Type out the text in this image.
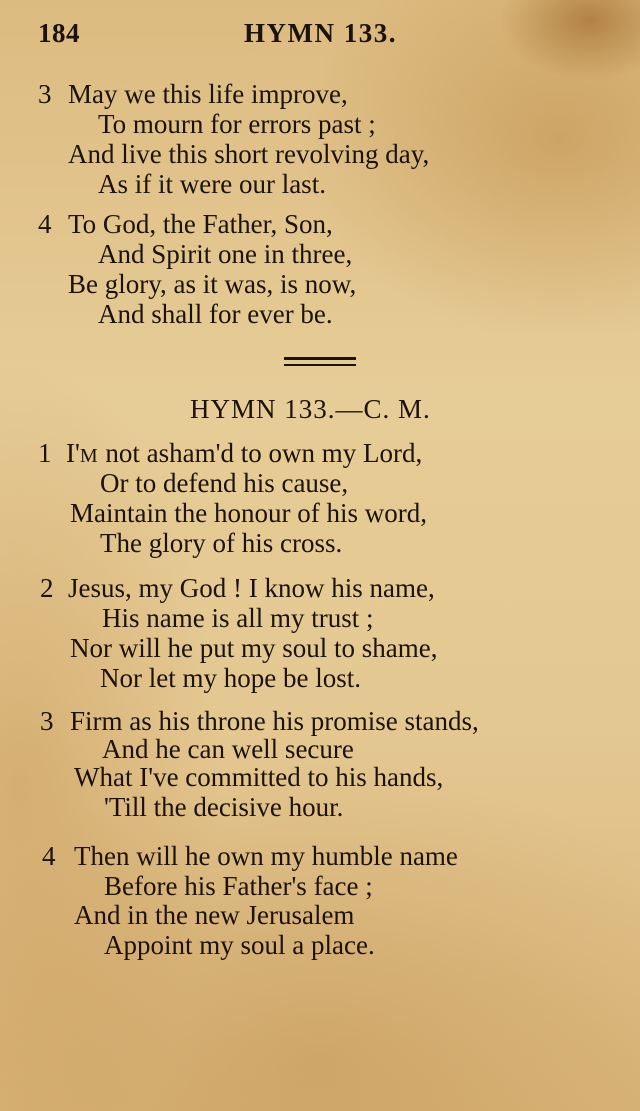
184	HYMN 133.
3 May we this life improve,
To mourn for errors past ;
And live this short revolving day,
As if it were our last.
4 To God, the Father, Son,
And Spirit one in three,
Be glory, as it was, is now,
And shall for ever be.
HYMN 133.—C. M.
1 I'M not asham'd to own my Lord,
Or to defend his cause,
Maintain the honour of his word,
The glory of his cross.
2 Jesus, my God ! I know his name,
His name is all my trust ;
Nor will he put my soul to shame,
Nor let my hope be lost.
3 Firm as his throne his promise stands,
And he can well secure
What I've committed to his hands,
'Till the decisive hour.
4 Then will he own my humble name
Before his Father's face ;
And in the new Jerusalem
Appoint my soul a place.
